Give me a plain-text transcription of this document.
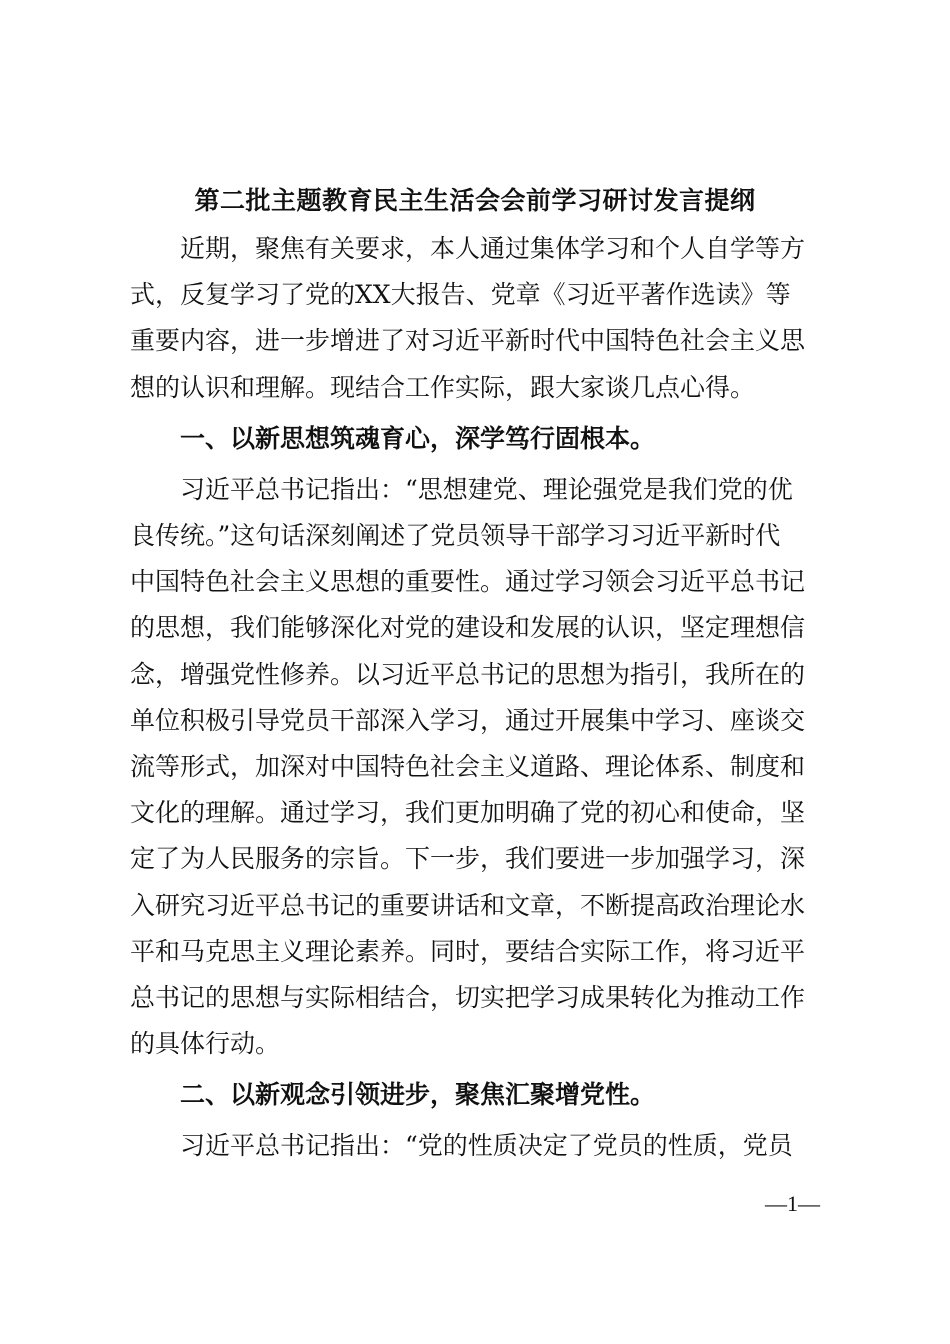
第二批主题教育民主生活会会前学习研讨发言提纲

近期，聚焦有关要求，本人通过集体学习和个人自学等方
式，反复学习了党的XX大报告、党章《习近平著作选读》等
重要内容，进一步增进了对习近平新时代中国特色社会主义思
想的认识和理解。现结合工作实际，跟大家谈几点心得。

一、以新思想筑魂育心，深学笃行固根本。

习近平总书记指出：“思想建党、理论强党是我们党的优
良传统。”这句话深刻阐述了党员领导干部学习习近平新时代
中国特色社会主义思想的重要性。通过学习领会习近平总书记
的思想，我们能够深化对党的建设和发展的认识，坚定理想信
念，增强党性修养。以习近平总书记的思想为指引，我所在的
单位积极引导党员干部深入学习，通过开展集中学习、座谈交
流等形式，加深对中国特色社会主义道路、理论体系、制度和
文化的理解。通过学习，我们更加明确了党的初心和使命，坚
定了为人民服务的宗旨。下一步，我们要进一步加强学习，深
入研究习近平总书记的重要讲话和文章，不断提高政治理论水
平和马克思主义理论素养。同时，要结合实际工作，将习近平
总书记的思想与实际相结合，切实把学习成果转化为推动工作
的具体行动。

二、以新观念引领进步，聚焦汇聚增党性。

习近平总书记指出：“党的性质决定了党员的性质，党员

—1—
